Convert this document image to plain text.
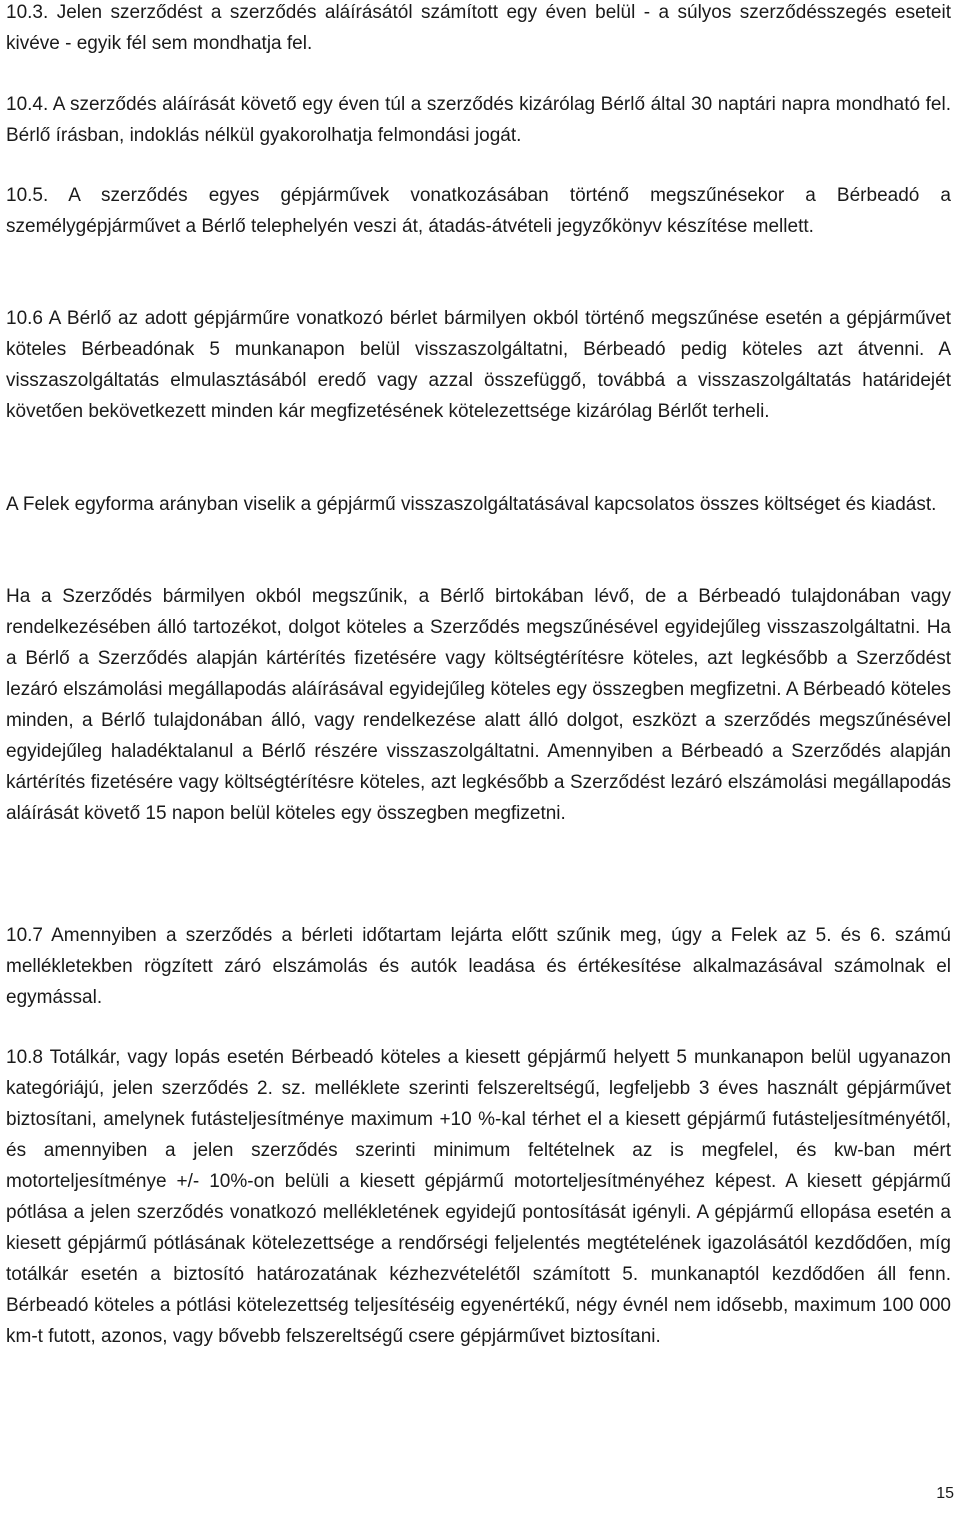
10.3. Jelen szerződést a szerződés aláírásától számított egy éven belül - a súlyos szerződésszegés eseteit kivéve - egyik fél sem mondhatja fel.

10.4. A szerződés aláírását követő egy éven túl a szerződés kizárólag Bérlő által 30 naptári napra mondható fel. Bérlő írásban, indoklás nélkül gyakorolhatja felmondási jogát.

10.5. A szerződés egyes gépjárművek vonatkozásában történő megszűnésekor a Bérbeadó a személygépjárművet a Bérlő telephelyén veszi át, átadás-átvételi jegyzőkönyv készítése mellett.

10.6 A Bérlő az adott gépjárműre vonatkozó bérlet bármilyen okból történő megszűnése esetén a gépjárművet köteles Bérbeadónak 5 munkanapon belül visszaszolgáltatni, Bérbeadó pedig köteles azt átvenni. A visszaszolgáltatás elmulasztásából eredő vagy azzal összefüggő, továbbá a visszaszolgáltatás határidejét követően bekövetkezett minden kár megfizetésének kötelezettsége kizárólag Bérlőt terheli.

A Felek egyforma arányban viselik a gépjármű visszaszolgáltatásával kapcsolatos összes költséget és kiadást.

Ha a Szerződés bármilyen okból megszűnik, a Bérlő birtokában lévő, de a Bérbeadó tulajdonában vagy rendelkezésében álló tartozékot, dolgot köteles a Szerződés megszűnésével egyidejűleg visszaszolgáltatni. Ha a Bérlő a Szerződés alapján kártérítés fizetésére vagy költségtérítésre köteles, azt legkésőbb a Szerződést lezáró elszámolási megállapodás aláírásával egyidejűleg köteles egy összegben megfizetni. A Bérbeadó köteles minden, a Bérlő tulajdonában álló, vagy rendelkezése alatt álló dolgot, eszközt a szerződés megszűnésével egyidejűleg haladéktalanul a Bérlő részére visszaszolgáltatni. Amennyiben a Bérbeadó a Szerződés alapján kártérítés fizetésére vagy költségtérítésre köteles, azt legkésőbb a Szerződést lezáró elszámolási megállapodás aláírását követő 15 napon belül köteles egy összegben megfizetni.

10.7 Amennyiben a szerződés a bérleti időtartam lejárta előtt szűnik meg, úgy a Felek az 5. és 6. számú mellékletekben rögzített záró elszámolás és autók leadása és értékesítése alkalmazásával számolnak el egymással.

10.8 Totálkár, vagy lopás esetén Bérbeadó köteles a kiesett gépjármű helyett 5 munkanapon belül ugyanazon kategóriájú, jelen szerződés 2. sz. melléklete szerinti felszereltségű, legfeljebb 3 éves használt gépjárművet biztosítani, amelynek futásteljesítménye maximum +10 %-kal térhet el a kiesett gépjármű futásteljesítményétől, és amennyiben a jelen szerződés szerinti minimum feltételnek az is megfelel, és kw-ban mért motorteljesítménye +/- 10%-on belüli a kiesett gépjármű motorteljesítményéhez képest. A kiesett gépjármű pótlása a jelen szerződés vonatkozó mellékletének egyidejű pontosítását igényli. A gépjármű ellopása esetén a kiesett gépjármű pótlásának kötelezettsége a rendőrségi feljelentés megtételének igazolásától kezdődően, míg totálkár esetén a biztosító határozatának kézhezvételétől számított 5. munkanaptól kezdődően áll fenn. Bérbeadó köteles a pótlási kötelezettség teljesítéséig egyenértékű, négy évnél nem idősebb, maximum 100 000 km-t futott, azonos, vagy bővebb felszereltségű csere gépjárművet biztosítani.

15
